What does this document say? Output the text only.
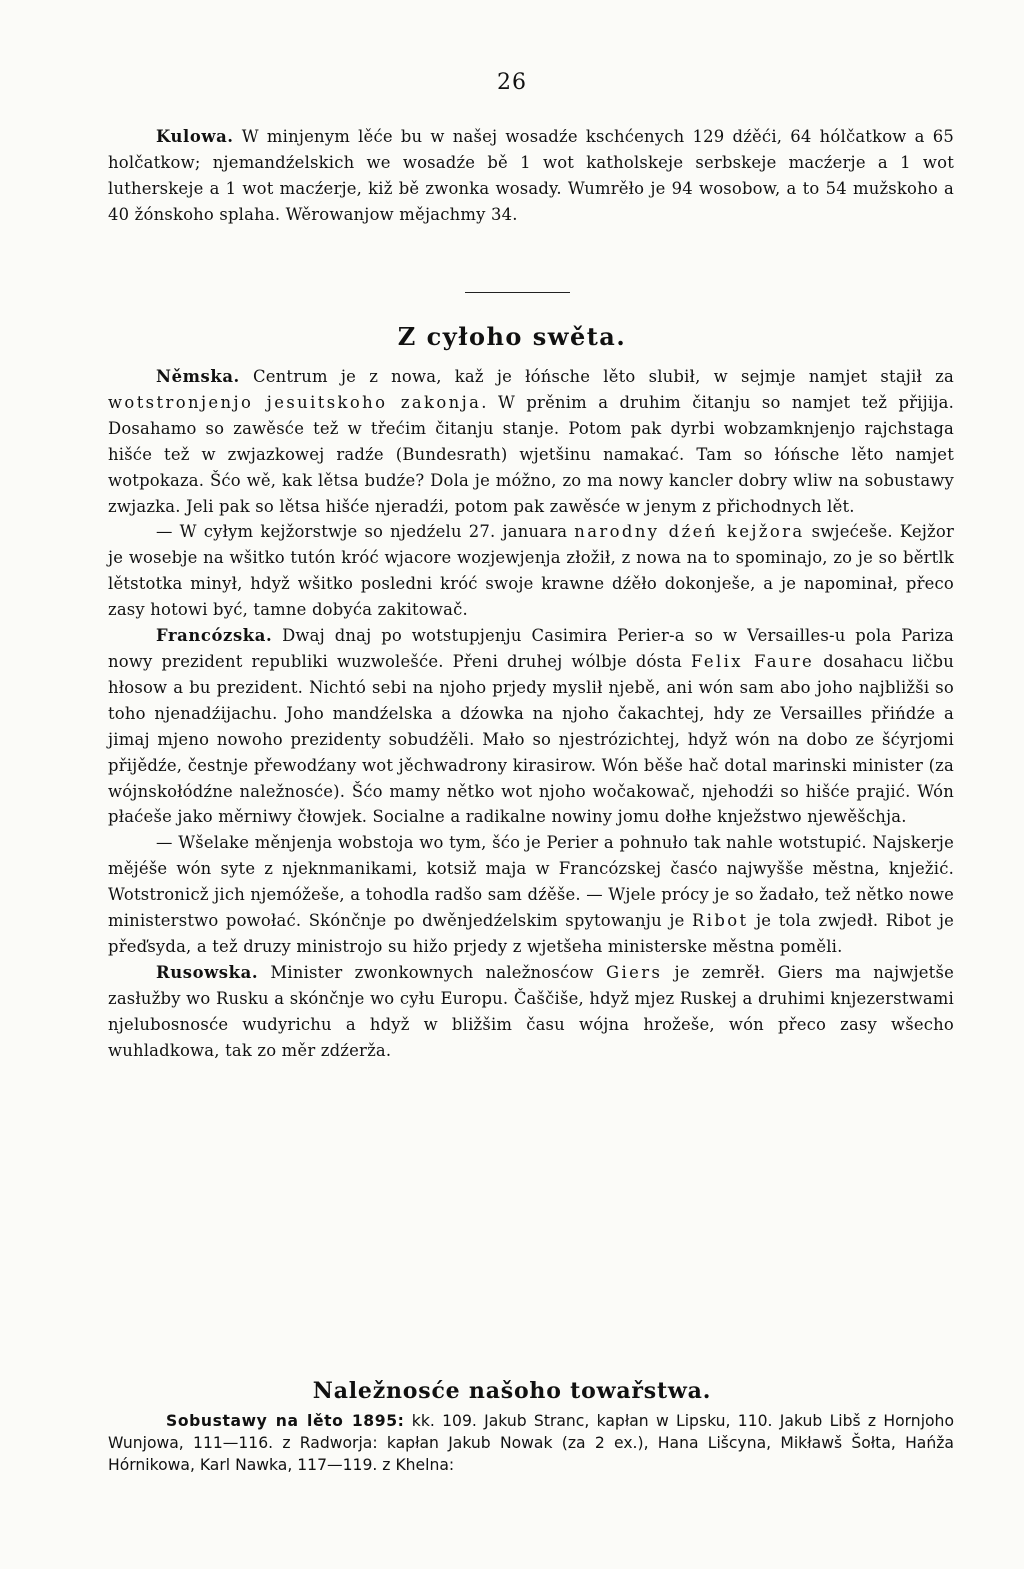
26

Kulowa. W minjenym lěće bu w našej wosadźe kschćenych 129 dźěći, 64 hólčatkow a 65 holčatkow; njemandźelskich we wosadźe bě 1 wot katholskeje serbskeje macźerje a 1 wot lutherskeje a 1 wot macźerje, kiž bě zwonka wosady. Wumrěło je 94 wosobow, a to 54 mužskoho a 40 žónskoho splaha. Wěrowanjow mějachmy 34.

Z cyłoho swěta.

Němska. Centrum je z nowa, kaž je łóńsche lěto slubił, w sejmje namjet stajił za wotstronjenjo jesuitskoho zakonja. W prěnim a druhim čitanju so namjet tež přijija. Dosahamo so zawěsće tež w třećim čitanju stanje. Potom pak dyrbi wobzamknjenjo rajchstaga hišće tež w zwjazkowej radźe (Bundesrath) wjetšinu namakać. Tam so łóńsche lěto namjet wotpokaza. Šćo wě, kak lětsa budźe? Dola je móžno, zo ma nowy kancler dobry wliw na sobustawy zwjazka. Jeli pak so lětsa hišće njeradźi, potom pak zawěsće w jenym z přichodnych lět.

— W cyłym kejžorstwje so njedźelu 27. januara narodny dźeń kejžora swjećeše. Kejžor je wosebje na wšitko tutón króć wjacore wozjewjenja złožił, z nowa na to spominajo, zo je so běrtlk lětstotka minył, hdyž wšitko posledni króć swoje krawne dźěło dokonješe, a je napominał, přeco zasy hotowi być, tamne dobyća zakitowač.

Francózska. Dwaj dnaj po wotstupjenju Casimira Perier-a so w Versailles-u pola Pariza nowy prezident republiki wuzwolešće. Přeni druhej wólbje dósta Felix Faure dosahacu ličbu hłosow a bu prezident. Nichtó sebi na njoho prjedy myslił njebě, ani wón sam abo joho najbližši so toho njenadźijachu. Joho mandźelska a dźowka na njoho čakachtej, hdy ze Versailles přińdźe a jimaj mjeno nowoho prezidenty sobudźěli. Mało so njestrózichtej, hdyž wón na dobo ze šćyrjomi přijědźe, čestnje přewodźany wot jěchwadrony kirasirow. Wón běše hač dotal marinski minister (za wójnskołódźne naležnosće). Šćo mamy nětko wot njoho wočakowač, njehodźi so hišće prajić. Wón płaćeše jako měrniwy čłowjek. Socialne a radikalne nowiny jomu dołhe knježstwo njewěšchja.

— Wšelake měnjenja wobstoja wo tym, šćo je Perier a pohnuło tak nahle wotstupić. Najskerje mějéše wón syte z njeknmanikami, kotsiž maja w Francózskej časćo najwyšše městna, knježić. Wotstronicž jich njemóžeše, a tohodla radšo sam dźěše. — Wjele prócy je so žadało, tež nětko nowe ministerstwo powołać. Skónčnje po dwěnjedźelskim spytowanju je Ribot je tola zwjedł. Ribot je přeďsyda, a tež druzy ministrojo su hižo prjedy z wjetšeha ministerske městna poměli.

Rusowska. Minister zwonkownych naležnosćow Giers je zemrěł. Giers ma najwjetše zasłužby wo Rusku a skónčnje wo cyłu Europu. Čaščiše, hdyž mjez Ruskej a druhimi knjezerstwami njelubosnosće wudyrichu a hdyž w bližšim času wójna hrožeše, wón přeco zasy wšecho wuhladkowa, tak zo měr zdźerža.

Naležnosće našoho towařstwa.

Sobustawy na lěto 1895: kk. 109. Jakub Stranc, kapłan w Lipsku, 110. Jakub Libš z Hornjoho Wunjowa, 111—116. z Radworja: kapłan Jakub Nowak (za 2 ex.), Hana Lišcyna, Mikławš Šołta, Hańža Hórnikowa, Karl Nawka, 117—119. z Khelna:
